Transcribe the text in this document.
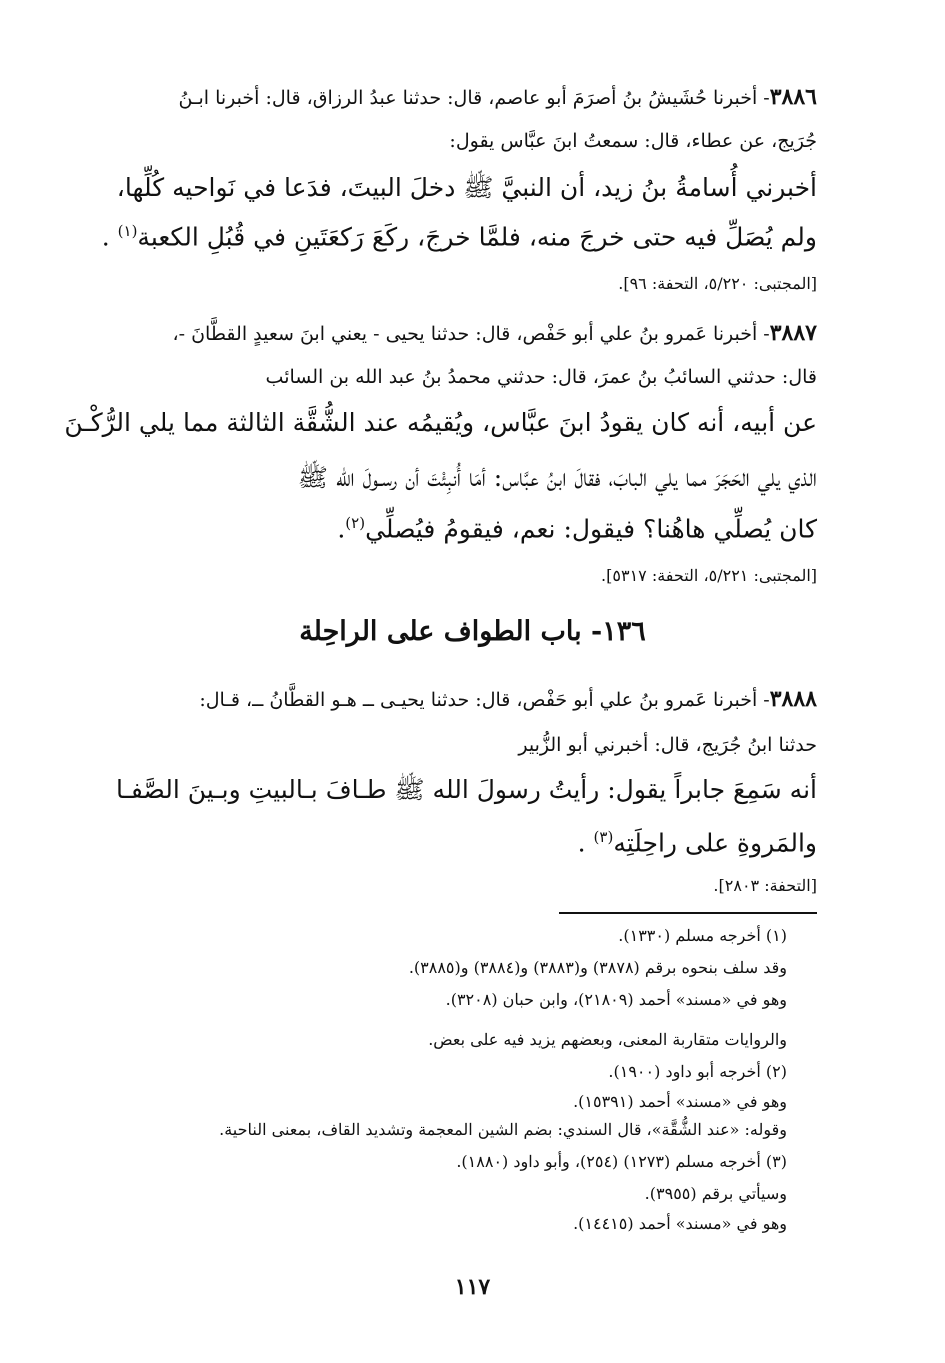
٣٨٨٦- أخبرنا حُشَيشُ بنُ أصرَمَ أبو عاصم، قال: حدثنا عبدُ الرزاق، قال: أخبرنا ابـنُ
جُرَيج، عن عطاء، قال: سمعتُ ابنَ عبَّاس يقول:
أخبرني أُسامةُ بنُ زيد، أن النبيَّ ﷺ دخلَ البيتَ، فدَعا في نَواحيه كُلِّها،
ولم يُصَلِّ فيه حتى خرجَ منه، فلمَّا خرجَ، ركَعَ رَكعَتَينِ في قُبُلِ الكعبة$^{(١)}$ .
[المجتبى: ٥/٢٢٠، التحفة: ٩٦].
٣٨٨٧- أخبرنا عَمرو بنُ علي أبو حَفْص، قال: حدثنا يحيى - يعني ابنَ سعيدٍ القطَّانَ -،
قال: حدثني السائبُ بنُ عمرَ، قال: حدثني محمدُ بنُ عبد الله بن السائب
عن أبيه، أنه كان يقودُ ابنَ عبَّاس، ويُقيمُه عند الشُّقَّة الثالثة مما يلي الرُّكْـنَ
الذي يلي الحَجَرَ مما يلي البابَ، فقالَ ابنُ عبَّاس: أمَا أُنبِئْتَ أن رسـولَ الله ﷺ
كان يُصلِّي هاهُنا؟ فيقول: نعم، فيقومُ فيُصلِّي$^{(٢)}$.
[المجتبى: ٥/٢٢١، التحفة: ٥٣١٧].
١٣٦- باب الطواف على الراحِلة
٣٨٨٨- أخبرنا عَمرو بنُ علي أبو حَفْص، قال: حدثنا يحيـى ــ هـو القطَّانُ ــ، قـال:
حدثنا ابنُ جُرَيج، قال: أخبرني أبو الزُّبير
أنه سَمِعَ جابراً يقول: رأيتُ رسولَ الله ﷺ طـافَ بـالبيتِ وبـينَ الصَّفـا
والمَروةِ على راحِلَتِه$^{(٣)}$ .
[التحفة: ٢٨٠٣].
(١) أخرجه مسلم (١٣٣٠).
وقد سلف بنحوه برقم (٣٨٧٨) و(٣٨٨٣) و(٣٨٨٤) و(٣٨٨٥).
وهو في «مسند» أحمد (٢١٨٠٩)، وابن حبان (٣٢٠٨).
والروايات متقاربة المعنى، وبعضهم يزيد فيه على بعض.
(٢) أخرجه أبو داود (١٩٠٠).
وهو في «مسند» أحمد (١٥٣٩١).
وقوله: «عند الشُّقَّة»، قال السندي: بضم الشين المعجمة وتشديد القاف، بمعنى الناحية.
(٣) أخرجه مسلم (١٢٧٣) (٢٥٤)، وأبو داود (١٨٨٠).
وسيأتي برقم (٣٩٥٥).
وهو في «مسند» أحمد (١٤٤١٥).
١١٧
